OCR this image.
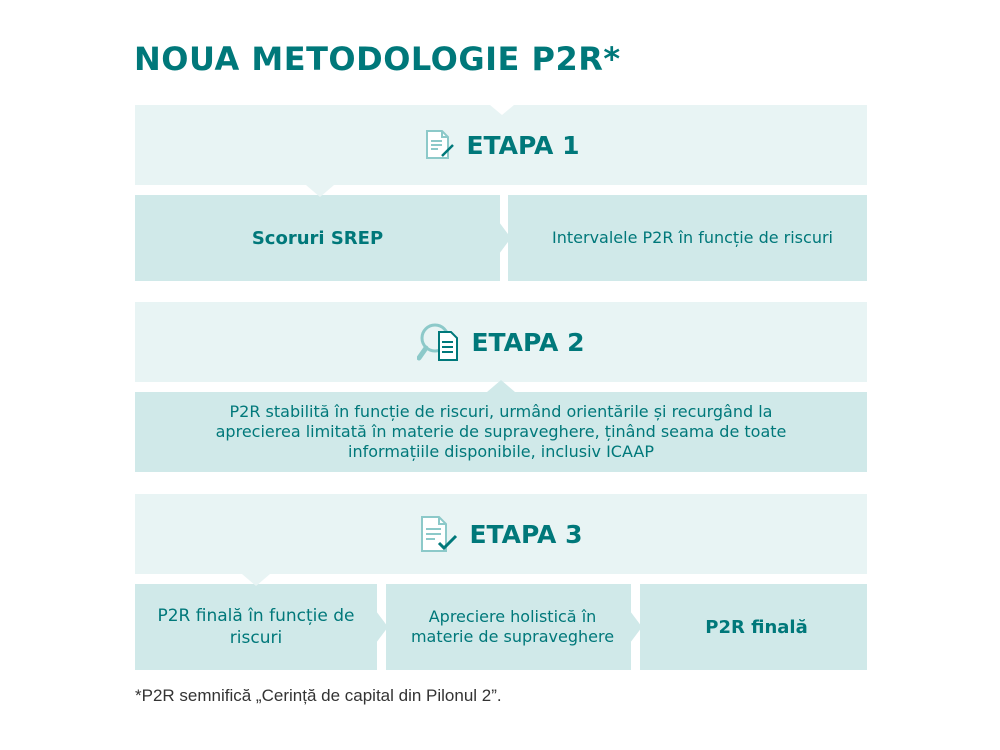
NOUA METODOLOGIE P2R*
ETAPA 1
Scoruri SREP	Intervalele P2R în funcție de riscuri
ETAPA 2
P2R stabilită în funcție de riscuri, urmând orientările și recurgând la aprecierea limitată în materie de supraveghere, ținând seama de toate informațiile disponibile, inclusiv ICAAP
ETAPA 3
P2R finală în funcție de riscuri
Apreciere holistică în materie de supraveghere	P2R finală
*P2R semnifică „Cerință de capital din Pilonul 2”.
